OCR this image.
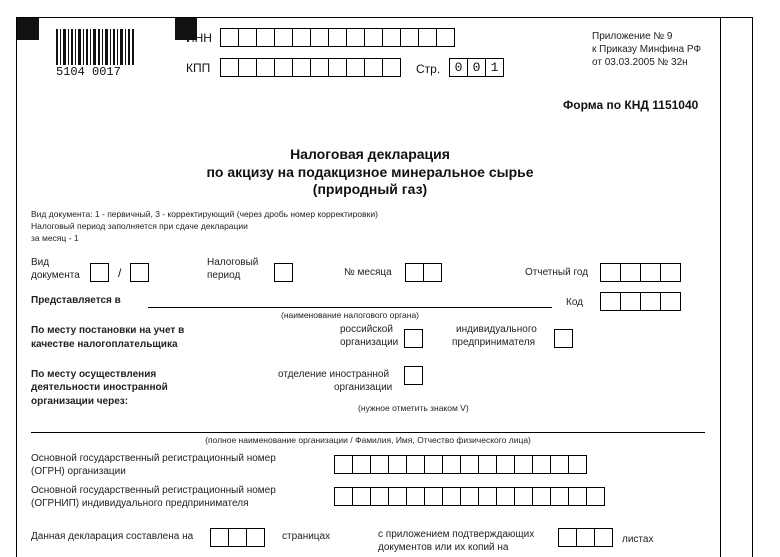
5104 0017
ИНН
КПП	Стр.	0 0 1
Приложение № 9
к Приказу Минфина РФ
от 03.03.2005 № 32н
Форма по КНД 1151040
Налоговая декларация
по акцизу на подакцизное минеральное сырье
(природный газ)
Вид документа: 1 - первичный, 3 - корректирующий (через дробь номер корректировки)
Налоговый период заполняется при сдаче декларации
за месяц - 1
Вид
документа	/
Налоговый
период	№ месяца	Отчетный год
Представляется в
(наименование налогового органа)
Код
По месту постановки на учет в
качестве налогоплательщика
российской
организации
индивидуального
предпринимателя
По месту осуществления
деятельности иностранной
организации через:
отделение иностранной
организации
(нужное отметить знаком V)
(полное наименование организации / Фамилия, Имя, Отчество физического лица)
Основной государственный регистрационный номер
(ОГРН) организации
Основной государственный регистрационный номер
(ОГРНИП) индивидуального предпринимателя
Данная декларация составлена на	страницах	с приложением подтверждающих
документов или их копий на
листах
